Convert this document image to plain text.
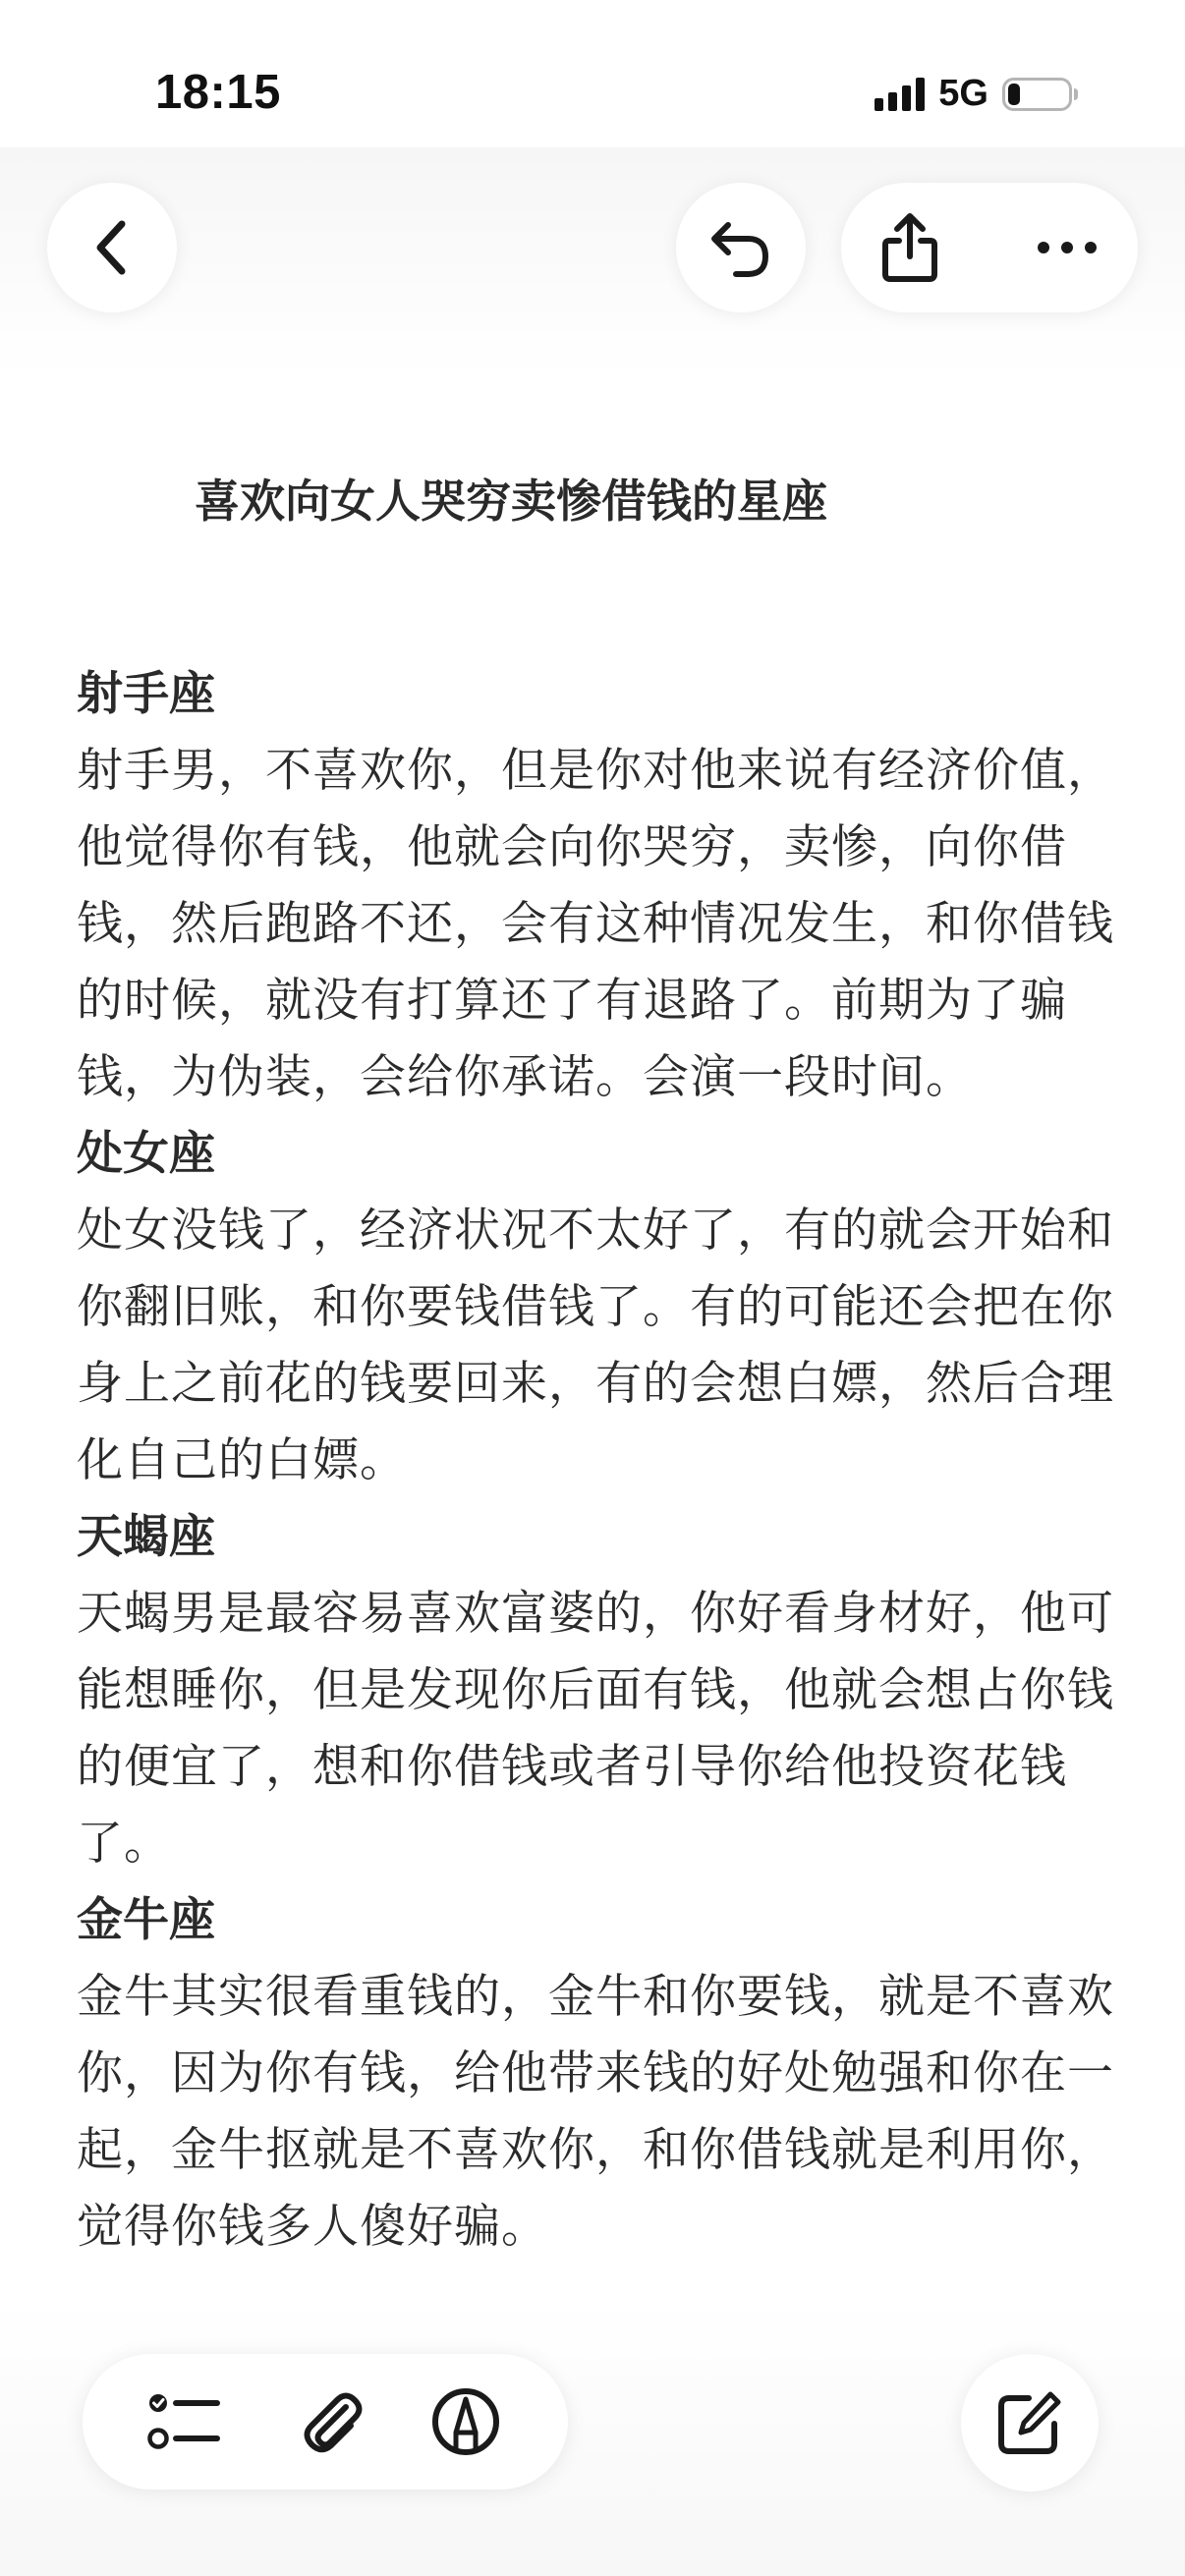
18:15	5G
喜欢向女人哭穷卖惨借钱的星座
射手座
射手男，不喜欢你，但是你对他来说有经济价值，他觉得你有钱，他就会向你哭穷，卖惨，向你借钱，然后跑路不还，会有这种情况发生，和你借钱的时候，就没有打算还了有退路了。前期为了骗钱，为伪装，会给你承诺。会演一段时间。
处女座
处女没钱了，经济状况不太好了，有的就会开始和你翻旧账，和你要钱借钱了。有的可能还会把在你身上之前花的钱要回来，有的会想白嫖，然后合理化自己的白嫖。
天蝎座
天蝎男是最容易喜欢富婆的，你好看身材好，他可能想睡你，但是发现你后面有钱，他就会想占你钱的便宜了，想和你借钱或者引导你给他投资花钱了。
金牛座
金牛其实很看重钱的，金牛和你要钱，就是不喜欢你，因为你有钱，给他带来钱的好处勉强和你在一起，金牛抠就是不喜欢你，和你借钱就是利用你，觉得你钱多人傻好骗。
